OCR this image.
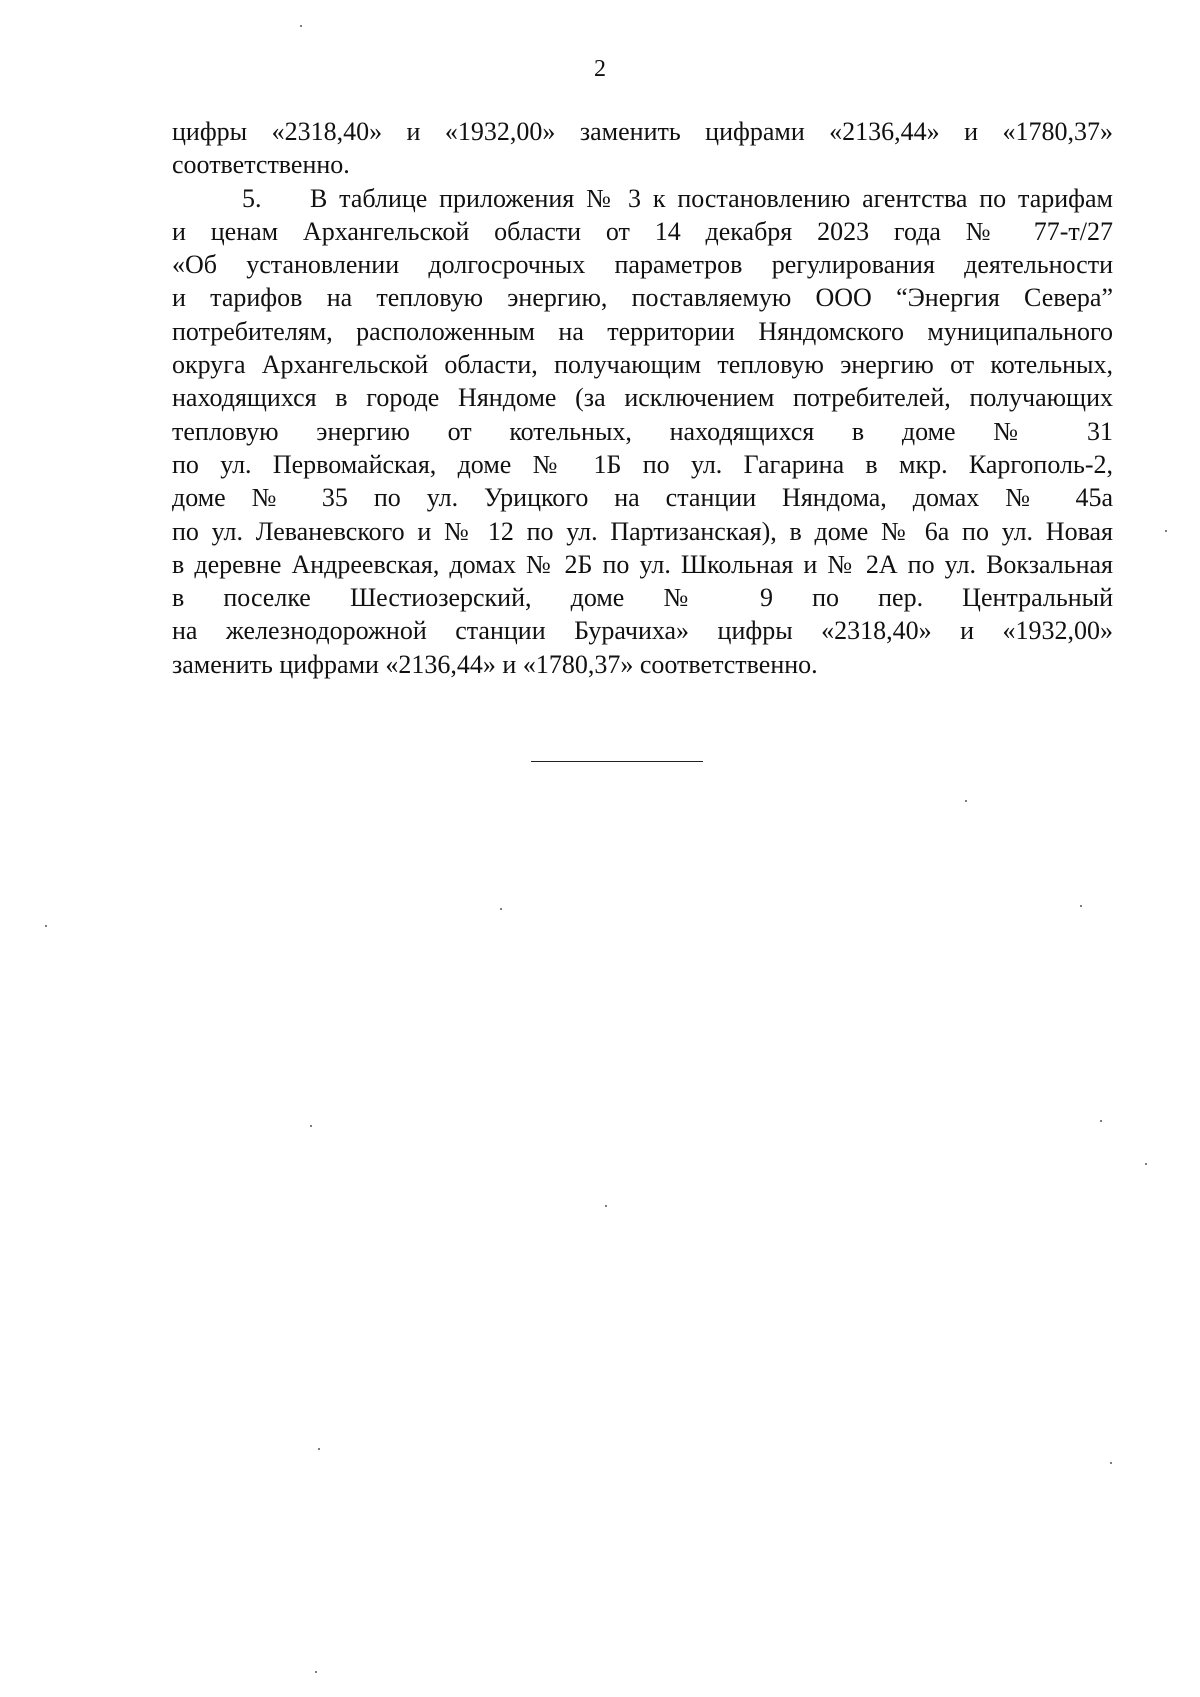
2
цифры «2318,40» и «1932,00» заменить цифрами «2136,44» и «1780,37»
соответственно.
5. В таблице приложения № 3 к постановлению агентства по тарифам
и ценам Архангельской области от 14 декабря 2023 года № 77-т/27
«Об установлении долгосрочных параметров регулирования деятельности
и тарифов на тепловую энергию, поставляемую ООО “Энергия Севера”
потребителям, расположенным на территории Няндомского муниципального
округа Архангельской области, получающим тепловую энергию от котельных,
находящихся в городе Няндоме (за исключением потребителей, получающих
тепловую энергию от котельных, находящихся в доме № 31
по ул. Первомайская, доме № 1Б по ул. Гагарина в мкр. Каргополь-2,
доме № 35 по ул. Урицкого на станции Няндома, домах № 45а
по ул. Леваневского и № 12 по ул. Партизанская), в доме № 6а по ул. Новая
в деревне Андреевская, домах № 2Б по ул. Школьная и № 2А по ул. Вокзальная
в поселке Шестиозерский, доме № 9 по пер. Центральный
на железнодорожной станции Бурачиха» цифры «2318,40» и «1932,00»
заменить цифрами «2136,44» и «1780,37» соответственно.
